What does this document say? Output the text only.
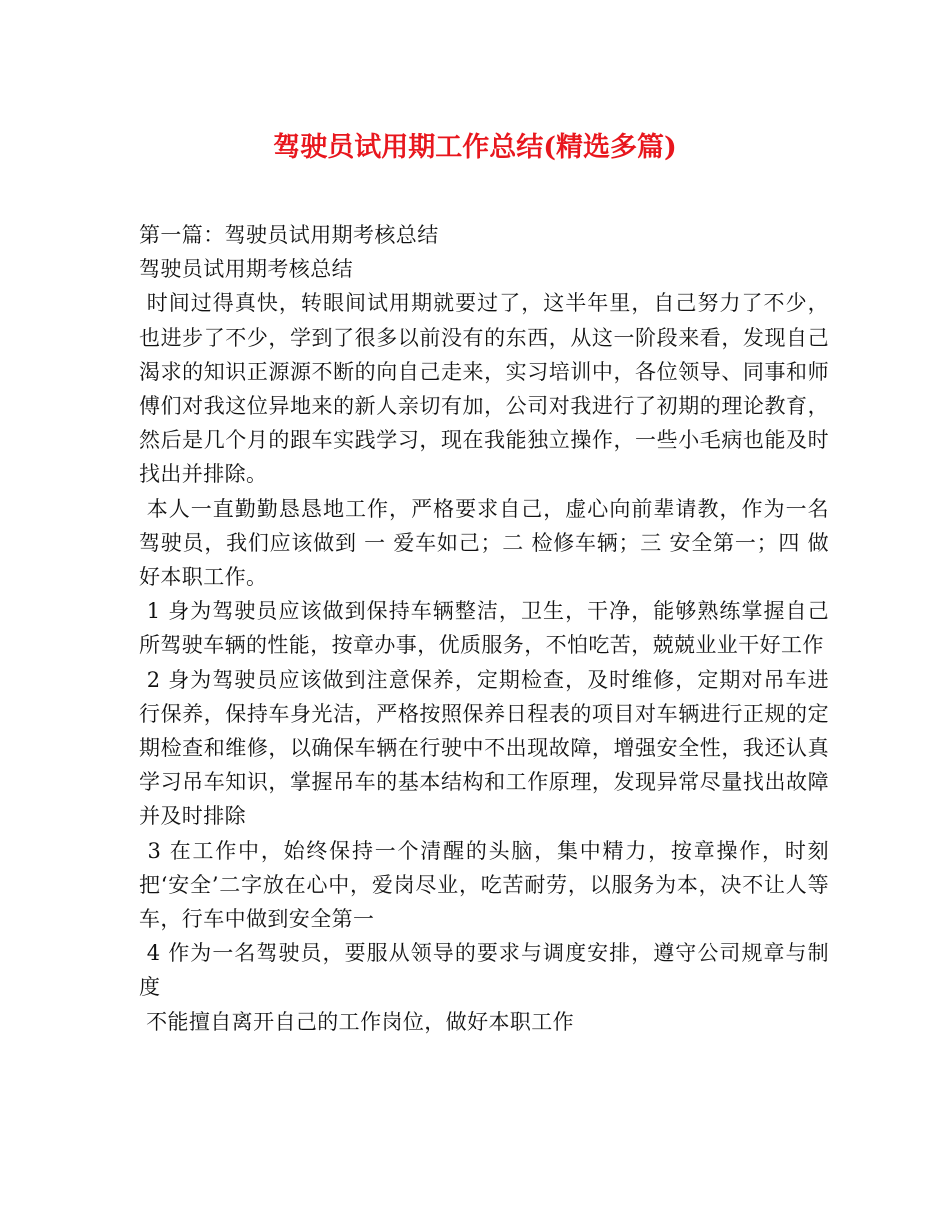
驾驶员试用期工作总结(精选多篇)

第一篇：驾驶员试用期考核总结

驾驶员试用期考核总结

时间过得真快，转眼间试用期就要过了，这半年里，自己努力了不少，也进步了不少，学到了很多以前没有的东西，从这一阶段来看，发现自己渴求的知识正源源不断的向自己走来，实习培训中，各位领导、同事和师傅们对我这位异地来的新人亲切有加，公司对我进行了初期的理论教育，然后是几个月的跟车实践学习，现在我能独立操作，一些小毛病也能及时找出并排除。

本人一直勤勤恳恳地工作，严格要求自己，虚心向前辈请教，作为一名驾驶员，我们应该做到 一 爱车如己；二 检修车辆；三 安全第一；四 做好本职工作。

1 身为驾驶员应该做到保持车辆整洁，卫生，干净，能够熟练掌握自己所驾驶车辆的性能，按章办事，优质服务，不怕吃苦，兢兢业业干好工作

2 身为驾驶员应该做到注意保养，定期检查，及时维修，定期对吊车进行保养，保持车身光洁，严格按照保养日程表的项目对车辆进行正规的定期检查和维修，以确保车辆在行驶中不出现故障，增强安全性，我还认真学习吊车知识，掌握吊车的基本结构和工作原理，发现异常尽量找出故障并及时排除

3 在工作中，始终保持一个清醒的头脑，集中精力，按章操作，时刻把‘安全’二字放在心中，爱岗尽业，吃苦耐劳，以服务为本，决不让人等车，行车中做到安全第一

4 作为一名驾驶员，要服从领导的要求与调度安排，遵守公司规章与制度

不能擅自离开自己的工作岗位，做好本职工作
